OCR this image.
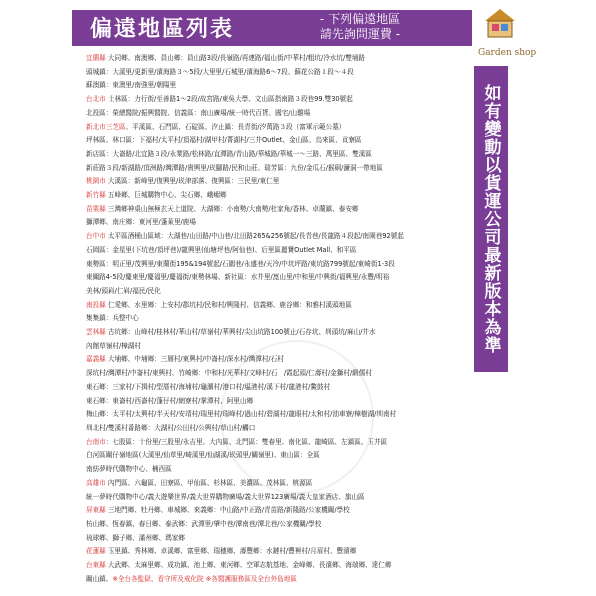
偏遠地區列表	- 下列偏遠地區
請先詢問運費 -
Garden shop
如有變動以貨運公司最新版本為準
宜蘭縣 大同鄉、南澳鄉、員山鄉：員山路3段/長嶺路/再連路/福山街/中華村/粗坑/冷水坑/雙埔路
頭城鎮：大溪里/更新里/濱海路３～5段/大里里/石城里/濱海路6～7段、蘇花公路１段～４段
蘇澳鎮：東澳里/南強里/朝陽里
台北市 士林區：力行街/至善路1～2段/故宮路/東吳大學、文山區指南路３段巷99.雙30號起
北投區：榮總醫院/振興醫院、信義區：南山廣場/統一時代百貨、國宅/山雞場
新北市三芝區、平溪區、石門區、石碇區、汐止鎮：長青街/汐萬路３段（富軍示範公墓）
坪林區、林口區：下福村/太平村/頂福村/湖甲村/菁湖村/三井Outlet、金山區、烏來區、貢寮區
新店區：大崙路/北宜路３段/永業路/松林路/直潭路/青山路/華城路/華城一～三路、萬里區、雙溪區
新莊路３段/新湖路/頂洲路/灣潭路/貴興里/崁腳路/民和山莊、瑞芳區：九份/金瓜石/猴硐/濂洞一帶地區
桃園市 大溪區：新峰里/復興里/崁津部落、復興區：三民里/東仁里
新竹縣 五峰鄉、巨城購物中心、尖石鄉、峨嵋鄉
苗栗縣 三灣鄉神桌山無極玄天上道院、大湖鄉：小南勢/大南勢/杜家角/香林、卓蘭鎮、泰安鄉
獅潭鄉、南庄鄉：東河里/蓬萊里/鹿場
台中市 太平區酒桶山區域：大湖巷/山田路/中山巷/北田路265&256號起/長青巷/長龍路４段起/南園巷92號起
石岡區：金星里(下坑巷/頂坪巷)/龍興里(仙塘坪巷/阿仙巷)、后里區麗寶Outlet Mall、和平區
東勢區：明正里/茂興里/東蘭街195&194號起/石圍巷/永盛巷/天冷/中坑坪路/東坑路799號起/東崎街1-3段
東關路4-5段/慶東里/慶福里/慶福街/東勢林場、新社區：水井里/崑山里/中和里/中興街/福興里/永豐/明裕
美林/頭嵙/仁嵙/福民/民化
南投縣 仁愛鄉、水里鄉：上安村/郡坑村/民和村/興隆村、信義鄉、鹿谷鄉：和雅村溪頭地區
集集鎮：兵整中心
雲林縣 古坑鄉：山峰村/桂林村/華山村/草嶺村/華興村/尖山坑路100號止/石存坑、圳頭坑/麻山/井水
內館草嶺村/樟湖村
嘉義縣 大埔鄉、中埔鄉：三層村/東興村/中崙村/深水村/灣潭村/石村
深坑村/灣潭村/中崙村/東興村、竹崎鄉：中和村/光華村/文峰村/石　/霞起頭/仁壽村/金獅村/緞儒村
東石鄉：三家村/下揖村/型厝村/海埔村/龜潮村/港口村/塭港村/溪下村/龍港村/鰲鼓村
東石鄉：東崙村/西崙村/蓬仔村/網寮村/掌潭村、阿里山鄉
梅山鄉：太平村/太興村/半天村/安靖村/瑞里村/瑞峰村/過山村/碧湖村/龍眼村/太和村/油車寮/樟樹湖/圳南村
圳北村/雙溪村番路鄉：大湖村/公田村/公興村/草山村/觸口
台南市：七股區：十份里/三股里/永吉里、大內區、北門區：雙春里、南化區、龍崎區、左鎮區、玉井區
白河區關仔嶺地區(大溪里/仙草里/崎溪里/仙湖溪/崁頭里/關嶺里)、東山區：全區
南紡夢時代購物中心、楠西區
高雄市 內門區、六龜區、田寮區、甲仙區、杉林區、美濃區、茂林區、桃源區
統一夢時代購物中心/義大遊樂世界/義大世界購物廣場/義大世界123廣場/義大皇家酒店、旗山區
屏東縣 三地門鄉、牡丹鄉、車城鄉、來義鄉：中山路/中正路/青苗路/新隆路/公家機關/學校
枋山鄉、恆春鎮、春日鄉、泰武鄉：武潭里/肇中巷/潭南巷/潭北巷/公家機關/學校
琉球鄉、獅子鄉、滿州鄉、瑪家鄉
花蓮縣 玉里鎮、秀林鄉、卓溪鄉、富里鄉、瑞穗鄉、壽豐鄉：水鏈村/豐裡村/月眉村、豐濱鄉
台東縣 大武鄉、太麻里鄉、成功鎮、池上鄉、東河鄉、空軍志航基地、金峰鄉、長濱鄉、海端鄉、達仁鄉
關山鎮、※全台各監獄、看守所及戒化院 ※各醫護服務區及全台外島地區
